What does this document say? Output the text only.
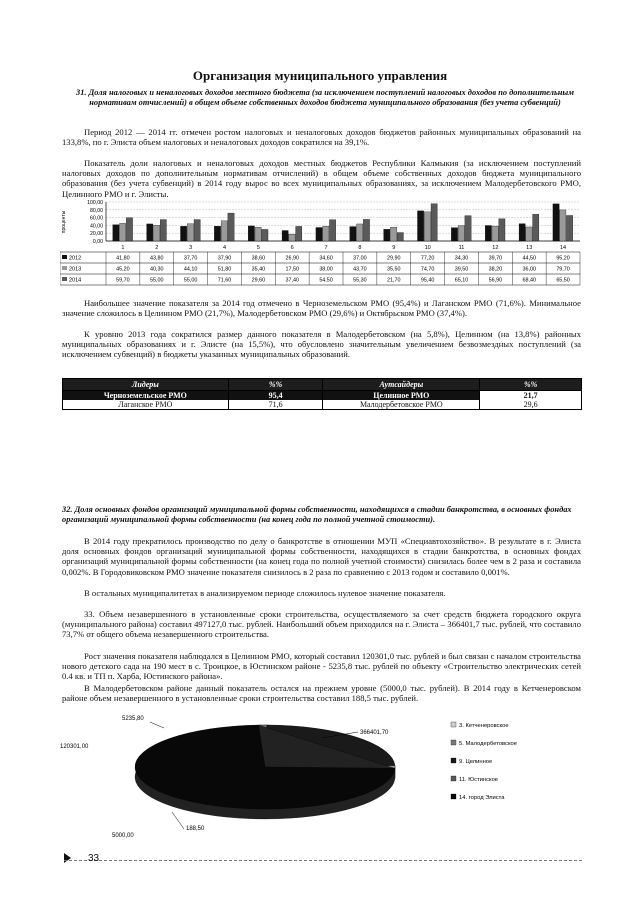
Организация муниципального управления
31. Доля налоговых и неналоговых доходов местного бюджета (за исключением поступлений налоговых доходов по дополнительным нормативам отчислений) в общем объеме собственных доходов бюджета муниципального образования (без учета субвенций)
Период 2012 — 2014 гг. отмечен ростом налоговых и неналоговых доходов бюджетов районных муниципальных образований на 133,8%, по г. Элиста объем налоговых и неналоговых доходов сократился на 39,1%.
Показатель доли налоговых и неналоговых доходов местных бюджетов Республики Калмыкия (за исключением поступлений налоговых доходов по дополнительным нормативам отчислений) в общем объеме собственных доходов бюджета муниципального образования (без учета субвенций) в 2014 году вырос во всех муниципальных образованиях, за исключением Малодербетовского РМО, Целинного РМО и г. Элисты.
проценты
100,00
80,00
60,00
40,00
20,00
0,00
1	2	3	4	5	6	7	8	9	10	11	12	13	14
2012	41,80	43,80	37,70	37,90	38,60	26,90	34,60	37,00	29,90	77,20	34,30	39,70	44,50	95,20
2013	45,20	40,30	44,10	51,80	35,40	17,50	38,00	43,70	35,50	74,70	39,50	38,20	36,00	79,70
2014	59,70	55,00	55,00	71,60	29,60	37,40	54,50	55,30	21,70	95,40	65,10	56,90	68,40	65,50
Наибольшее значение показателя за 2014 год отмечено в Черноземельском РМО (95,4%) и Лаганском РМО (71,6%). Минимальное значение сложилось в Целинном РМО (21,7%), Малодербетовском РМО (29,6%) и Октябрьском РМО (37,4%).
К уровню 2013 года сократился размер данного показателя в Малодербетовском (на 5,8%), Целинном (на 13,8%) районных муниципальных образованиях и г. Элисте (на 15,5%), что обусловлено значительным увеличением безвозмездных поступлений (за исключением субвенций) в бюджеты указанных муниципальных образований.
Лидеры	%%	Аутсайдеры	%%
Черноземельское РМО	95,4	Целинное РМО	21,7
Лаганское РМО	71,6	Малодербетовское РМО	29,6
32. Доля основных фондов организаций муниципальной формы собственности, находящихся в стадии банкротства, в основных фондах организаций муниципальной формы собственности (на конец года по полной учетной стоимости).
В 2014 году прекратилось производство по делу о банкротстве в отношении МУП «Специавтохозяйство». В результате в г. Элиста доля основных фондов организаций муниципальной формы собственности, находящихся в стадии банкротства, в основных фондах организаций муниципальной формы собственности (на конец года по полной учетной стоимости) снизилась более чем в 2 раза и составила 0,002%. В Городовиковском РМО значение показателя снизилось в 2 раза по сравнению с 2013 годом и составило 0,001%.
В остальных муниципалитетах в анализируемом периоде сложилось нулевое значение показателя.
33. Объем незавершенного в установленные сроки строительства, осуществляемого за счет средств бюджета городского округа (муниципального района) составил 497127,0 тыс. рублей. Наибольший объем приходился на г. Элиста – 366401,7 тыс. рублей, что составило 73,7% от общего объема незавершенного строительства.
Рост значения показателя наблюдался в Целинном РМО, который составил 120301,0 тыс. рублей и был связан с началом строительства нового детского сада на 190 мест в с. Троицкое, в Юстинском районе - 5235,8 тыс. рублей по объекту «Строительство электрических сетей 0.4 кв. и ТП п. Харба, Юстинского района».
В Малодербетовском районе данный показатель остался на прежнем уровне (5000,0 тыс. рублей). В 2014 году в Кетченеровском районе объем незавершенного в установленные сроки строительства составил 188,5 тыс. рублей.
5235,80
366401,70
120301,00
5000,00
188,50
3. Кетченеровское
5. Малодербетовское
9. Целинное
11. Юстинское
14. город Элиста
33
